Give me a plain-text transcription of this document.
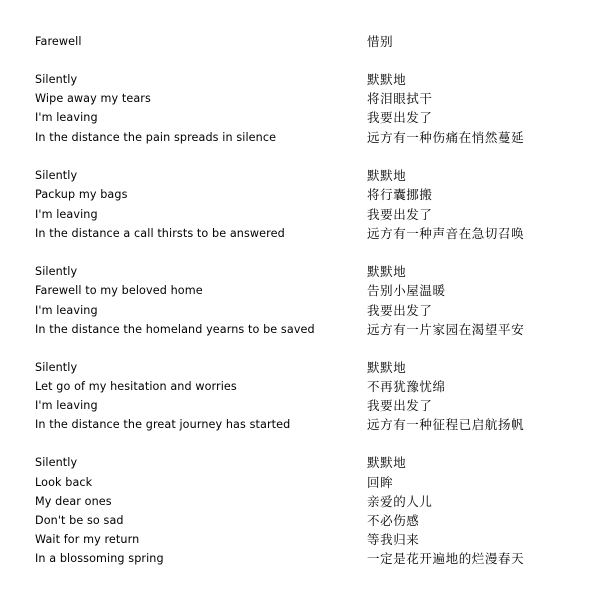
Farewell	惜别
Silently
Wipe away my tears
I'm leaving
In the distance the pain spreads in silence
默默地
将泪眼拭干
我要出发了
远方有一种伤痛在悄然蔓延
Silently
Packup my bags
I'm leaving
In the distance a call thirsts to be answered
默默地
将行囊挪搬
我要出发了
远方有一种声音在急切召唤
Silently
Farewell to my beloved home
I'm leaving
In the distance the homeland yearns to be saved
默默地
告别小屋温暖
我要出发了
远方有一片家园在渴望平安
Silently
Let go of my hesitation and worries
I'm leaving
In the distance the great journey has started
默默地
不再犹豫忧绵
我要出发了
远方有一种征程已启航扬帆
Silently
Look back
My dear ones
Don't be so sad
Wait for my return
In a blossoming spring
默默地
回眸
亲爱的人儿
不必伤感
等我归来
一定是花开遍地的烂漫春天
